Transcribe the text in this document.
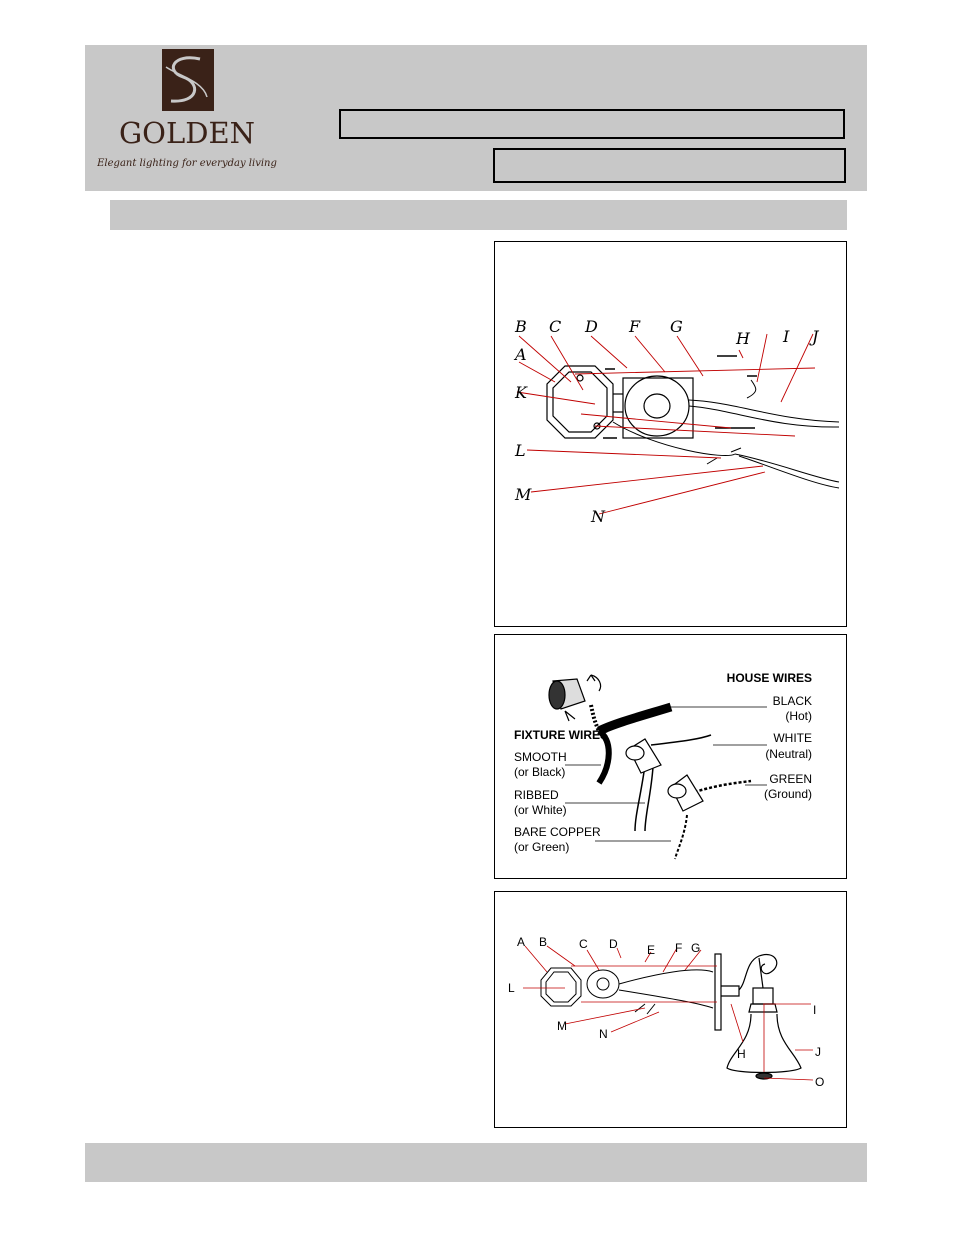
GOLDEN
Elegant lighting for everyday living
B
A
C D F G
H I J
K
L
M
N
HOUSE WIRES
BLACK
(Hot)
WHITE
(Neutral)
GREEN
(Ground)
FIXTURE WIRES
SMOOTH
(or Black)
RIBBED
(or White)
BARE COPPER
(or Green)
A B	C D E F G
L
M
N
H
I
J
O
